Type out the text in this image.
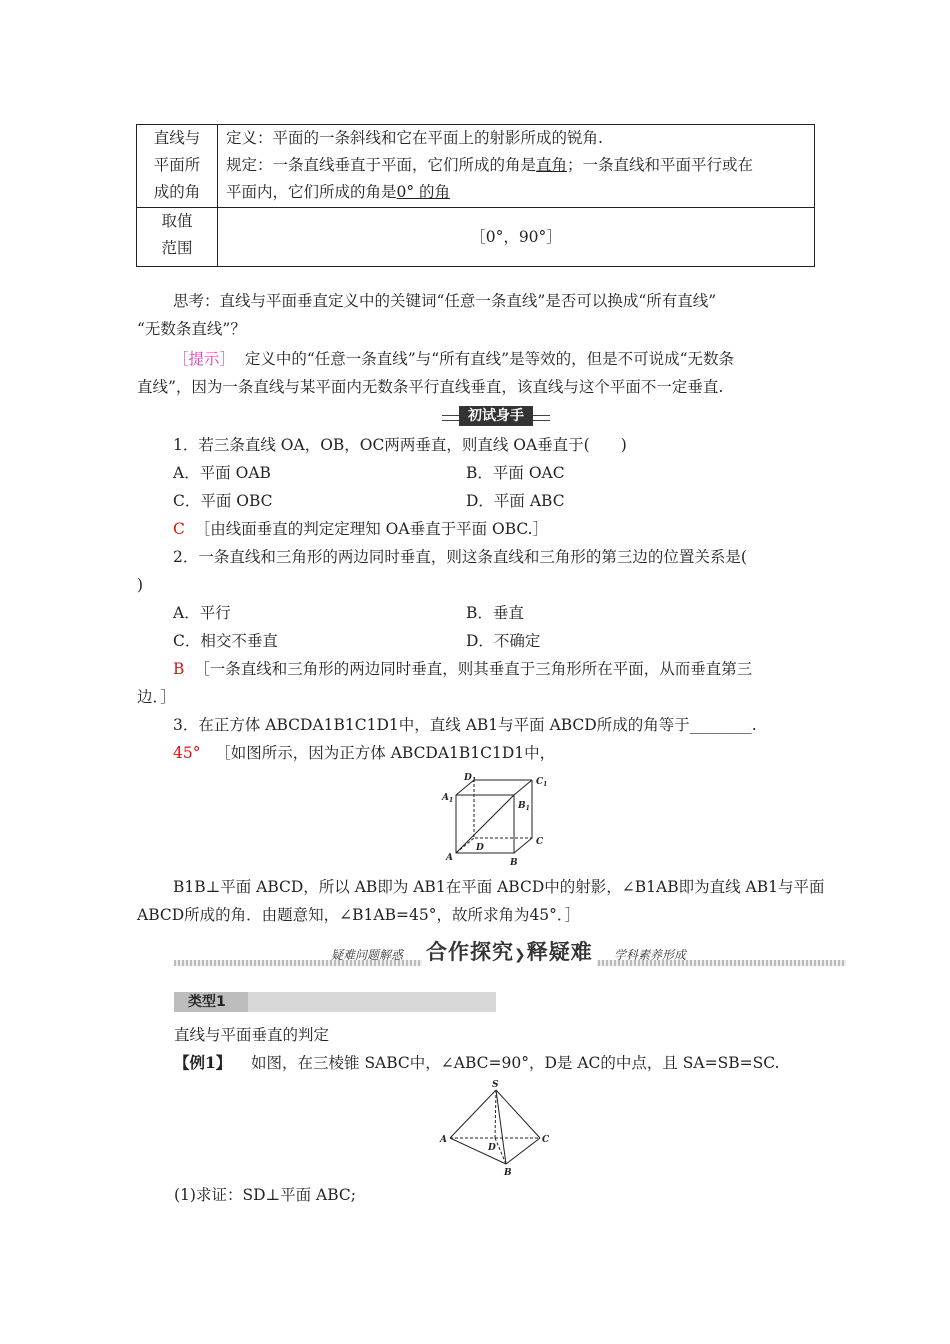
直线与平面所成的角	定义：平面的一条斜线和它在平面上的射影所成的锐角.
规定：一条直线垂直于平面，它们所成的角是直角；一条直线和平面平行或在
平面内，它们所成的角是0° 的角

取值范围	［0°，90°］
思考：直线与平面垂直定义中的关键词“任意一条直线”是否可以换成“所有直线”
“无数条直线”？
［提示］ 定义中的“任意一条直线”与“所有直线”是等效的，但是不可说成“无数条
直线”，因为一条直线与某平面内无数条平行直线垂直，该直线与这个平面不一定垂直.
初试身手
1．若三条直线 OA，OB，OC两两垂直，则直线 OA垂直于(　　)
A．平面 OAB	B．平面 OAC
C．平面 OBC	D．平面 ABC
C ［由线面垂直的判定定理知 OA垂直于平面 OBC.］
2．一条直线和三角形的两边同时垂直，则这条直线和三角形的第三边的位置关系是(
)
A．平行	B．垂直
C．相交不垂直	D．不确定
B ［一条直线和三角形的两边同时垂直，则其垂直于三角形所在平面，从而垂直第三
边．］
3．在正方体 ABCDA1B1C1D1中，直线 AB1与平面 ABCD所成的角等于________.
45° ［如图所示，因为正方体 ABCDA1B1C1D1中，
$D_1$	$C_1$
$A_1$
$B_1$
A	B
C
D
B1B⊥平面 ABCD，所以 AB即为 AB1在平面 ABCD中的射影，∠B1AB即为直线 AB1与平面
ABCD所成的角．由题意知，∠B1AB=45°，故所求角为45°．］
疑难问题解惑 合作探究❯释疑难	学科素养形成
类型1
直线与平面垂直的判定
【例1】 如图，在三棱锥 SABC中，∠ABC=90°，D是 AC的中点，且 SA=SB=SC.
S
A	C
B
D
(1)求证：SD⊥平面 ABC;
